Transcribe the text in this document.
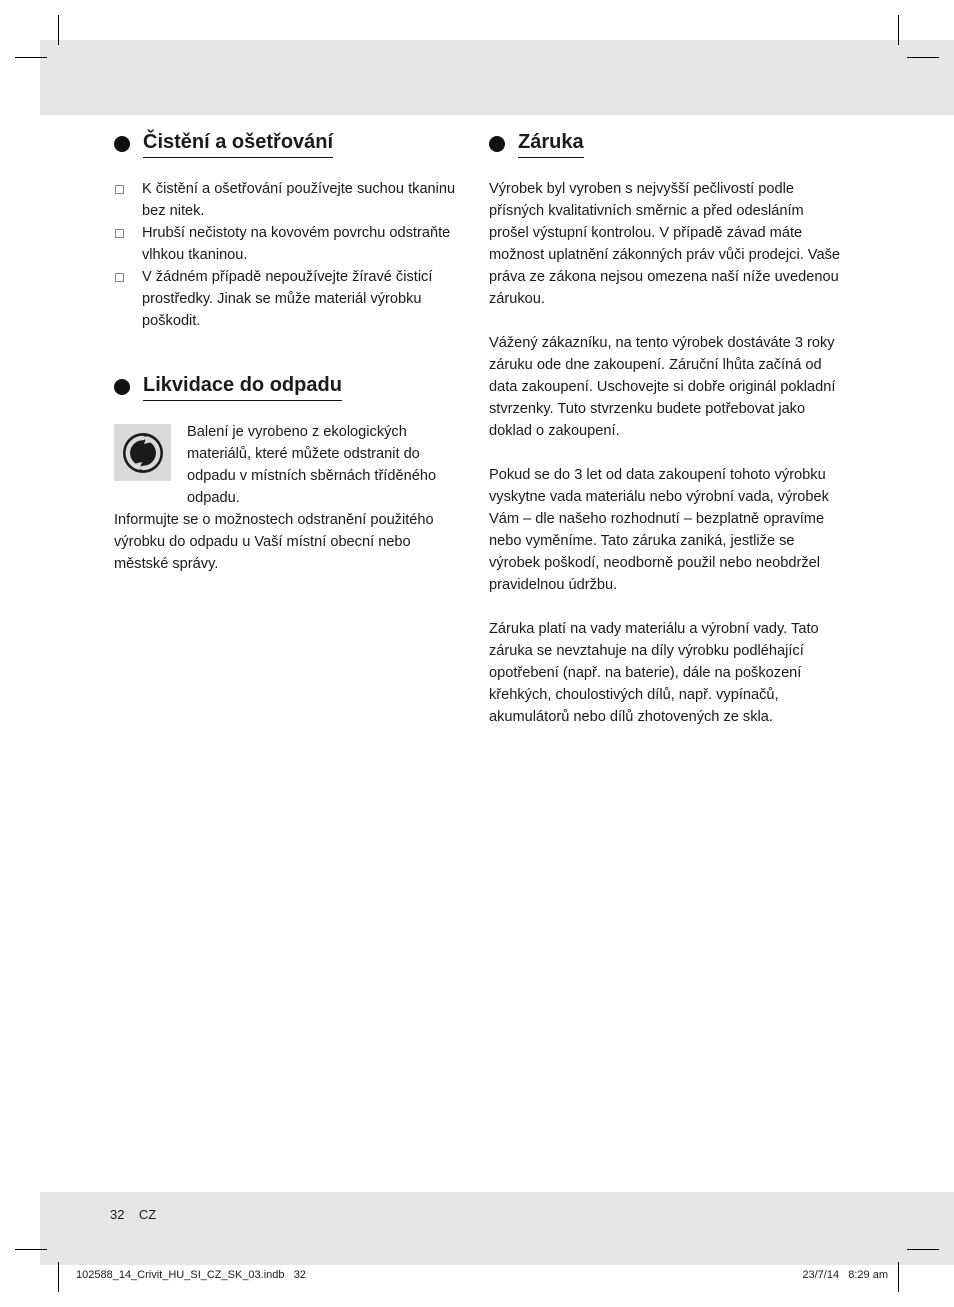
Čistění a ošetřování
K čistění a ošetřování používejte suchou tkaninu bez nitek.
Hrubší nečistoty na kovovém povrchu odstraňte vlhkou tkaninou.
V žádném případě nepoužívejte žíravé čisticí prostředky. Jinak se může materiál výrobku poškodit.
Likvidace do odpadu

Balení je vyrobeno z ekologických materiálů, které můžete odstranit do odpadu v místních sběrnách tříděného odpadu.

Informujte se o možnostech odstranění použitého výrobku do odpadu u Vaší místní obecní nebo městské správy.

Záruka

Výrobek byl vyroben s nejvyšší pečlivostí podle přísných kvalitativních směrnic a před odesláním prošel výstupní kontrolou. V případě závad máte možnost uplatnění zákonných práv vůči prodejci. Vaše práva ze zákona nejsou omezena naší níže uvedenou zárukou.

Vážený zákazníku, na tento výrobek dostáváte 3 roky záruku ode dne zakoupení. Záruční lhůta začíná od data zakoupení. Uschovejte si dobře originál pokladní stvrzenky. Tuto stvrzenku budete potřebovat jako doklad o zakoupení.

Pokud se do 3 let od data zakoupení tohoto výrobku vyskytne vada materiálu nebo výrobní vada, výrobek Vám – dle našeho rozhodnutí – bezplatně opravíme nebo vyměníme. Tato záruka zaniká, jestliže se výrobek poškodí, neodborně použil nebo neobdržel pravidelnou údržbu.

Záruka platí na vady materiálu a výrobní vady. Tato záruka se nevztahuje na díly výrobku podléhající opotřebení (např. na baterie), dále na poškození křehkých, choulostivých dílů, např. vypínačů, akumulátorů nebo dílů zhotovených ze skla.

32 CZ
102588_14_Crivit_HU_SI_CZ_SK_03.indb   32	23/7/14   8:29 am
